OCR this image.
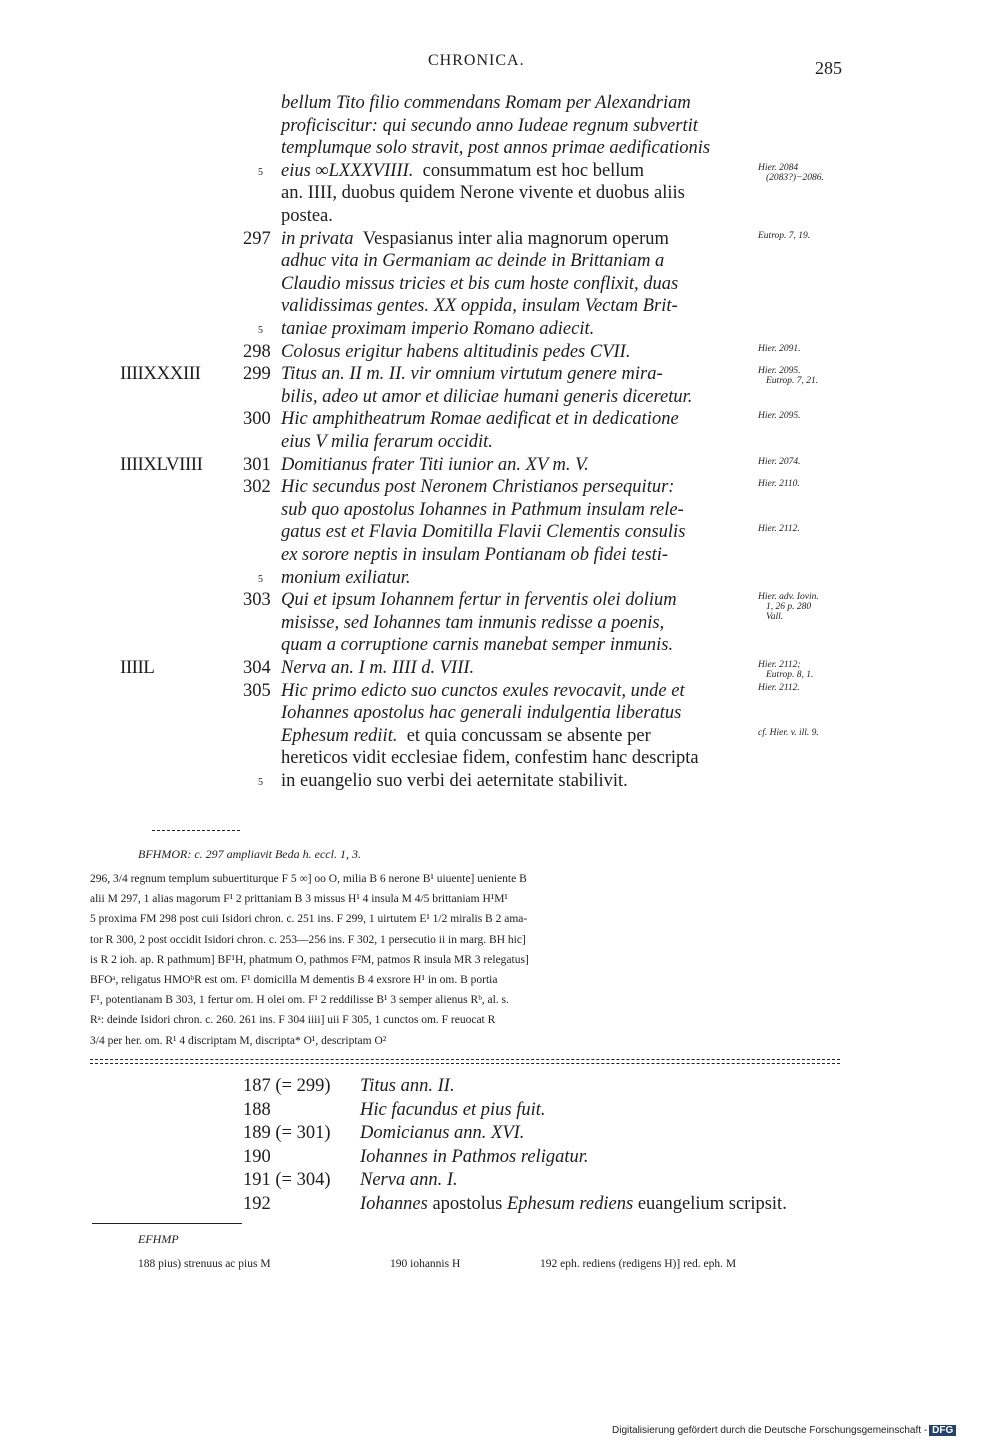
CHRONICA.	285
bellum Tito filio commendans Romam per Alexandriam
proficiscitur: qui secundo anno Iudeae regnum subvertit
templumque solo stravit, post annos primae aedificationis
5 eius ∞LXXXVIIII. consummatum est hoc bellum	Hier. 2084
(2083?)−2086.
an. IIII, duobus quidem Nerone vivente et duobus aliis
postea.
297 in privata Vespasianus inter alia magnorum operum	Eutrop. 7, 19.
adhuc vita in Germaniam ac deinde in Brittaniam a
Claudio missus tricies et bis cum hoste conflixit, duas
validissimas gentes. XX oppida, insulam Vectam Brit-
5 taniae proximam imperio Romano adiecit.
298 Colosus erigitur habens altitudinis pedes CVII.	Hier. 2091.
IIIIXXXIII 299 Titus an. II m. II. vir omnium virtutum genere mira-	Hier. 2095.
Eutrop. 7, 21.
bilis, adeo ut amor et diliciae humani generis diceretur.
300 Hic amphitheatrum Romae aedificat et in dedicatione	Hier. 2095.
eius V milia ferarum occidit.
IIIIXLVIIII 301 Domitianus frater Titi iunior an. XV m. V.	Hier. 2074.
302 Hic secundus post Neronem Christianos persequitur:	Hier. 2110.
sub quo apostolus Iohannes in Pathmum insulam rele-
gatus est et Flavia Domitilla Flavii Clementis consulis	Hier. 2112.
ex sorore neptis in insulam Pontianam ob fidei testi-
5 monium exiliatur.
303 Qui et ipsum Iohannem fertur in ferventis olei dolium	Hier. adv. Iovin.
1, 26 p. 280
Vall.
misisse, sed Iohannes tam inmunis redisse a poenis,
quam a corruptione carnis manebat semper inmunis.
IIIIL	304 Nerva an. I m. IIII d. VIII.	Hier. 2112;
Eutrop. 8, 1.
305 Hic primo edicto suo cunctos exules revocavit, unde et	Hier. 2112.
Iohannes apostolus hac generali indulgentia liberatus
Ephesum rediit. et quia concussam se absente per	cf. Hier. v. ill. 9.
hereticos vidit ecclesiae fidem, confestim hanc descripta
5 in euangelio suo verbi dei aeternitate stabilivit.
BFHMOR: c. 297 ampliavit Beda h. eccl. 1, 3.
296, 3/4 regnum templum subuertiturque F 5 ∞] oo O, milia B 6 nerone B¹ uiuente] ueniente B
alii M 297, 1 alias magorum F¹ 2 prittaniam B 3 missus H¹ 4 insula M 4/5 brittaniam H¹M¹
5 proxima FM 298 post cuii Isidori chron. c. 251 ins. F 299, 1 uirtutem E¹ 1/2 miralis B 2 ama-
tor R 300, 2 post occidit Isidori chron. c. 253—256 ins. F 302, 1 persecutio ii in marg. BH hic]
is R 2 ioh. ap. R pathmum] BF¹H, phatmum O, pathmos F²M, patmos R insula MR 3 relegatus]
BFOᵃ, religatus HMOᵇR est om. F¹ domicilla M dementis B 4 exsrore H¹ in om. B portia
F¹, potentianam B 303, 1 fertur om. H olei om. F¹ 2 reddilisse B¹ 3 semper alienus Rᵇ, al. s.
Rᵃ: deinde Isidori chron. c. 260. 261 ins. F 304 iiii] uii F 305, 1 cunctos om. F reuocat R
3/4 per her. om. R¹ 4 discriptam M, discripta* O¹, descriptam O²
187 (= 299) Titus ann. II.
188	Hic facundus et pius fuit.
189 (= 301) Domicianus ann. XVI.
190	Iohannes in Pathmos religatur.
191 (= 304) Nerva ann. I.
192	Iohannes apostolus Ephesum rediens euangelium scripsit.
EFHMP
188 pius) strenuus ac pius M	190 iohannis H	192 eph. rediens (redigens H)] red. eph. M
Digitalisierung gefördert durch die Deutsche Forschungsgemeinschaft - DFG
